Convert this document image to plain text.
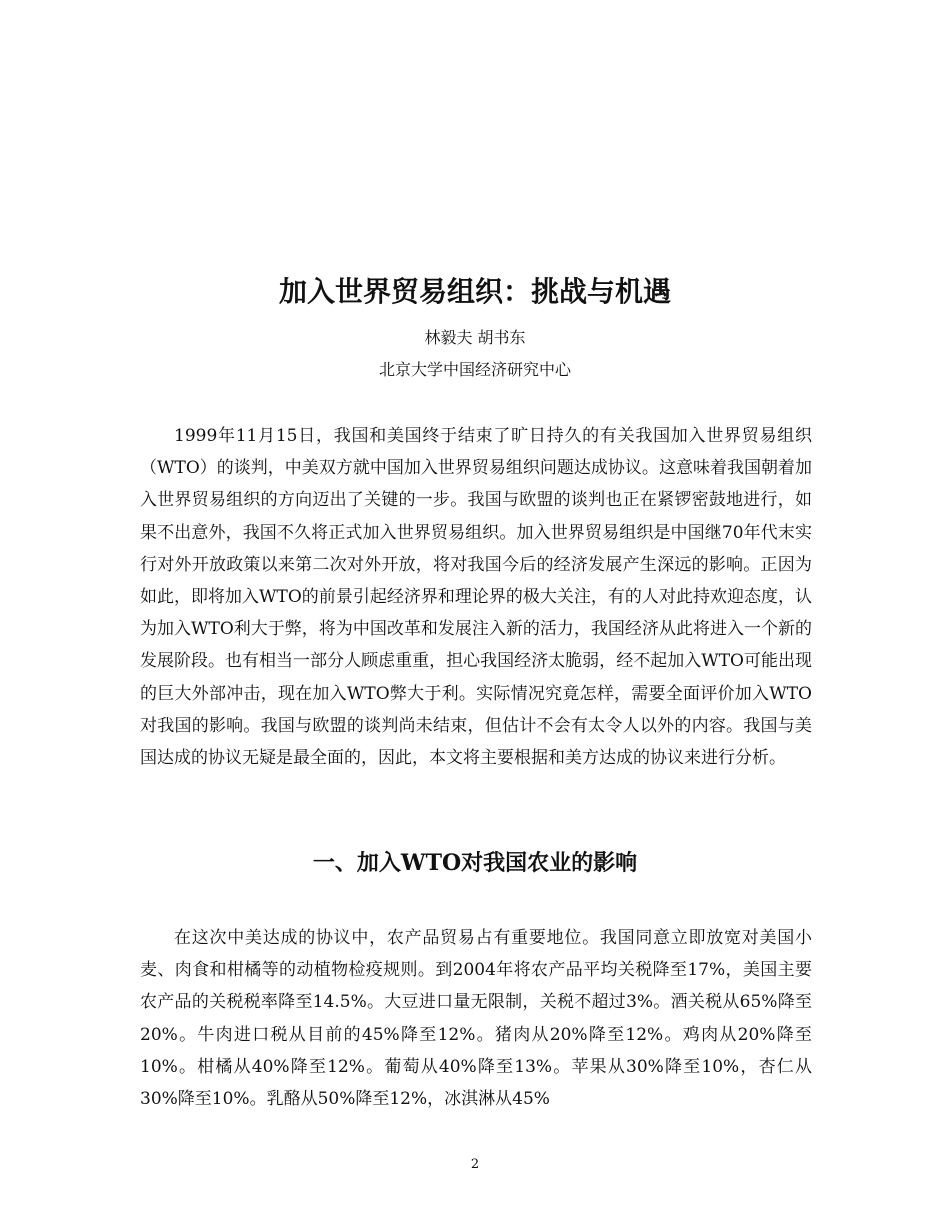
加入世界贸易组织：挑战与机遇

林毅夫 胡书东

北京大学中国经济研究中心

1999年11月15日，我国和美国终于结束了旷日持久的有关我国加入世界贸易组织（WTO）的谈判，中美双方就中国加入世界贸易组织问题达成协议。这意味着我国朝着加入世界贸易组织的方向迈出了关键的一步。我国与欧盟的谈判也正在紧锣密鼓地进行，如果不出意外，我国不久将正式加入世界贸易组织。加入世界贸易组织是中国继70年代末实行对外开放政策以来第二次对外开放，将对我国今后的经济发展产生深远的影响。正因为如此，即将加入WTO的前景引起经济界和理论界的极大关注，有的人对此持欢迎态度，认为加入WTO利大于弊，将为中国改革和发展注入新的活力，我国经济从此将进入一个新的发展阶段。也有相当一部分人顾虑重重，担心我国经济太脆弱，经不起加入WTO可能出现的巨大外部冲击，现在加入WTO弊大于利。实际情况究竟怎样，需要全面评价加入WTO对我国的影响。我国与欧盟的谈判尚未结束，但估计不会有太令人以外的内容。我国与美国达成的协议无疑是最全面的，因此，本文将主要根据和美方达成的协议来进行分析。

一、加入WTO对我国农业的影响

在这次中美达成的协议中，农产品贸易占有重要地位。我国同意立即放宽对美国小麦、肉食和柑橘等的动植物检疫规则。到2004年将农产品平均关税降至17%，美国主要农产品的关税税率降至14.5%。大豆进口量无限制，关税不超过3%。酒关税从65%降至20%。牛肉进口税从目前的45%降至12%。猪肉从20%降至12%。鸡肉从20%降至10%。柑橘从40%降至12%。葡萄从40%降至13%。苹果从30%降至10%，杏仁从30%降至10%。乳酪从50%降至12%，冰淇淋从45%

2
